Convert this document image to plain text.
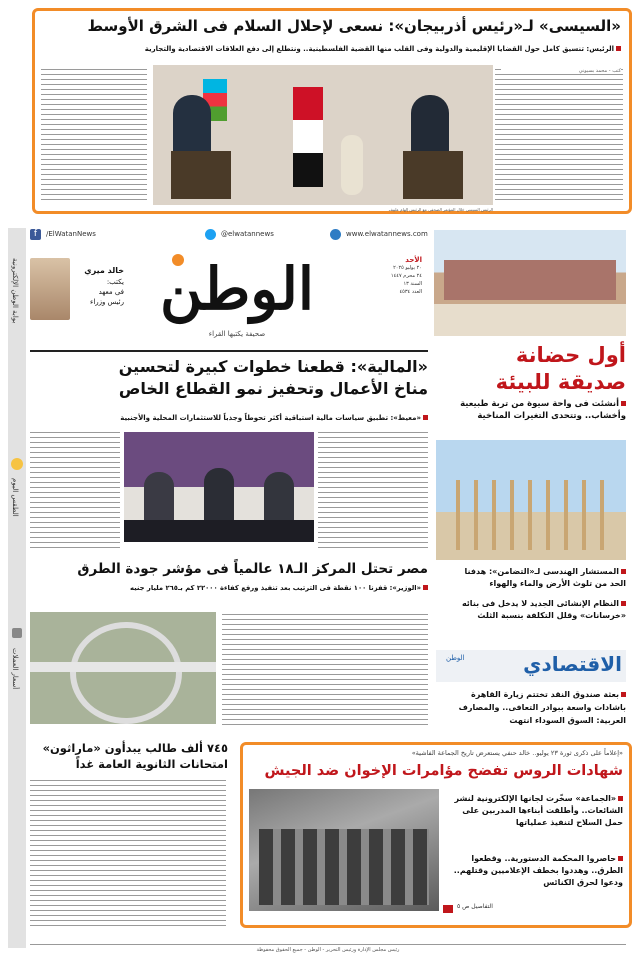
«السيسى» لـ«رئيس أذربيجان»: نسعى لإحلال السلام فى الشرق الأوسط
الرئيس: تنسيق كامل حول القضايا الإقليمية والدولية وفى القلب منها القضية الفلسطينية.. ونتطلع إلى دفع العلاقات الاقتصادية والتجارية
كتب - محمد بسيوني
الرئيس السيسى خلال المؤتمر الصحفى مع الرئيس إلهام علييف
بوابة الوطن الإلكترونية
الطقس اليوم
أسعار العملات
f	/ElWatanNews	@elwatannews	www.elwatannews.com
خالد ميري
يكتب:
فى معهد
رئيس وزراء الوطن
صحيفة يكتبها القراء
الأحد
٢٠ يوليو ٢٠٢٥
٢٤ محرم ١٤٤٧
السنة ١٣
العدد ٤٥٣٤
أول حضانة صديقة للبيئة
أنشئت فى واحة سيوة من تربة طبيعية وأخشاب.. وتتحدى التغيرات المناخية
المستشار الهندسى لـ«التضامن»: هدفنا الحد من تلوث الأرض والماء والهواء
النظام الإنشائى الجديد لا يدخل فى بنائه «خرسانات» وقلل التكلفة بنسبة الثلث
الاقتصادي
الوطن
بعثة صندوق النقد تختتم زيارة القاهرة باشادات واسعة ببوادر التعافى.. والمصارف العربية: السوق السوداء انتهت
«المالية»: قطعنا خطوات كبيرة لتحسين
مناخ الأعمال وتحفيز نمو القطاع الخاص
«معيط»: تطبيق سياسات مالية استباقية أكثر تحوطاً وجذباً للاستثمارات المحلية والأجنبية
مصر تحتل المركز الـ١٨ عالمياً فى مؤشر جودة الطرق
«الوزير»: قفزنا ١٠٠ نقطة فى الترتيب بعد تنفيذ ورفع كفاءة ٢٢٠٠٠ كم بـ٢٦٥ مليار جنيه
٧٤٥ ألف طالب يبدأون «ماراثون»
امتحانات الثانوية العامة غداً
«إعلاماً على ذكرى ثورة ٢٣ يوليو.. خالد حنفي يستعرض تاريخ الجماعة الفاشية»
شهادات الروس تفضح مؤامرات الإخوان ضد الجيش
«الجماعة» سخّرت لجانها الإلكترونية لنشر الشائعات.. وأطلقت أبناءها المدربين على حمل السلاح لتنفيذ عملياتها
حاصروا المحكمة الدستورية.. وقطعوا الطرق.. وهددوا بخطف الإعلاميين وقتلهم.. ودعوا لحرق الكنائس
التفاصيل ص ٥
رئيس مجلس الإدارة ورئيس التحرير - الوطن - جميع الحقوق محفوظة
